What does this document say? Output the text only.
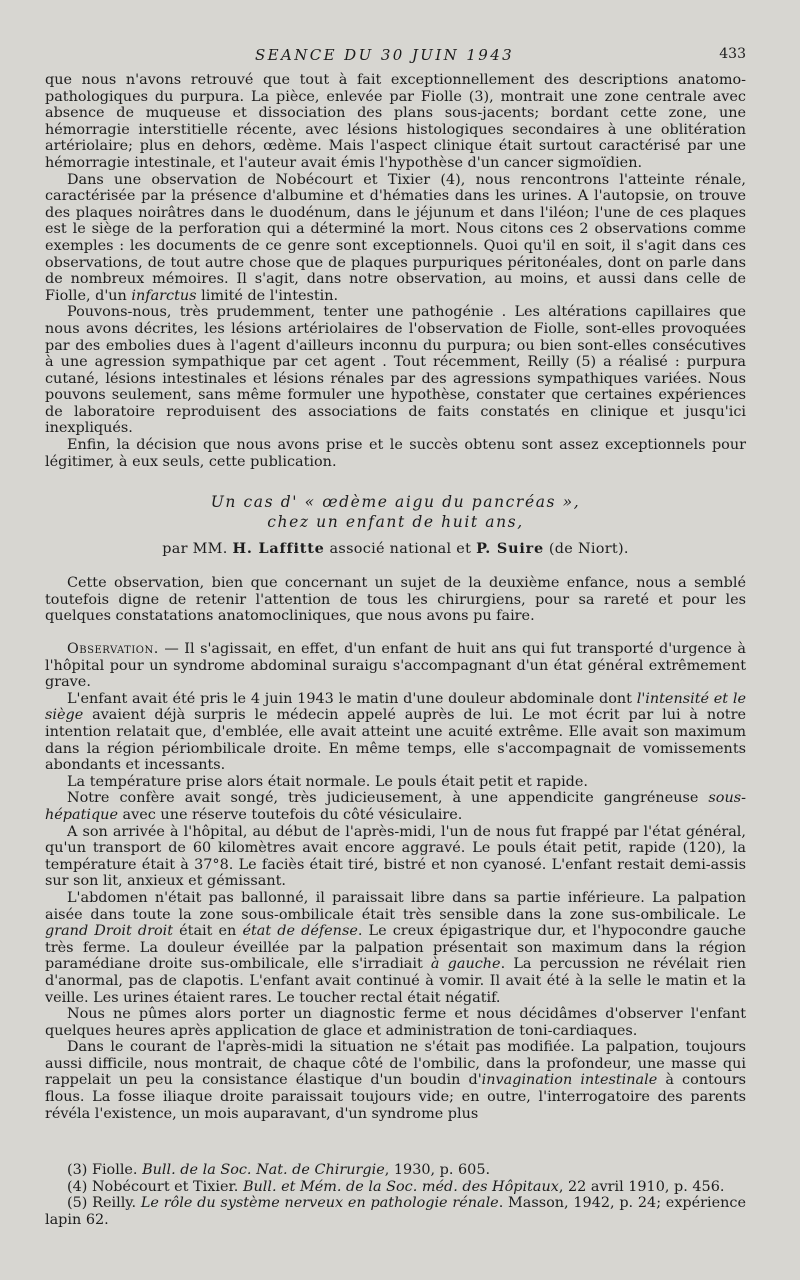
SEANCE DU 30 JUIN 1943	433

que nous n'avons retrouvé que tout à fait exceptionnellement des descriptions anatomo-pathologiques du purpura. La pièce, enlevée par Fiolle (3), montrait une zone centrale avec absence de muqueuse et dissociation des plans sous-jacents; bordant cette zone, une hémorragie interstitielle récente, avec lésions histologiques secondaires à une oblitération artériolaire; plus en dehors, œdème. Mais l'aspect clinique était surtout caractérisé par une hémorragie intestinale, et l'auteur avait émis l'hypothèse d'un cancer sigmoïdien.

Dans une observation de Nobécourt et Tixier (4), nous rencontrons l'atteinte rénale, caractérisée par la présence d'albumine et d'hématies dans les urines. A l'autopsie, on trouve des plaques noirâtres dans le duodénum, dans le jéjunum et dans l'iléon; l'une de ces plaques est le siège de la perforation qui a déterminé la mort. Nous citons ces 2 observations comme exemples : les documents de ce genre sont exceptionnels. Quoi qu'il en soit, il s'agit dans ces observations, de tout autre chose que de plaques purpuriques péritonéales, dont on parle dans de nombreux mémoires. Il s'agit, dans notre observation, au moins, et aussi dans celle de Fiolle, d'un infarctus limité de l'intestin.

Pouvons-nous, très prudemment, tenter une pathogénie . Les altérations capillaires que nous avons décrites, les lésions artériolaires de l'observation de Fiolle, sont-elles provoquées par des embolies dues à l'agent d'ailleurs inconnu du purpura; ou bien sont-elles consécutives à une agression sympathique par cet agent . Tout récemment, Reilly (5) a réalisé : purpura cutané, lésions intestinales et lésions rénales par des agressions sympathiques variées. Nous pouvons seulement, sans même formuler une hypothèse, constater que certaines expériences de laboratoire reproduisent des associations de faits constatés en clinique et jusqu'ici inexpliqués.

Enfin, la décision que nous avons prise et le succès obtenu sont assez exceptionnels pour légitimer, à eux seuls, cette publication.

Un cas d' « œdème aigu du pancréas »,
chez un enfant de huit ans,
par MM. H. Laffitte associé national et P. Suire (de Niort).

Cette observation, bien que concernant un sujet de la deuxième enfance, nous a semblé toutefois digne de retenir l'attention de tous les chirurgiens, pour sa rareté et pour les quelques constatations anatomocliniques, que nous avons pu faire.

Observation. — Il s'agissait, en effet, d'un enfant de huit ans qui fut transporté d'urgence à l'hôpital pour un syndrome abdominal suraigu s'accompagnant d'un état général extrêmement grave.

L'enfant avait été pris le 4 juin 1943 le matin d'une douleur abdominale dont l'intensité et le siège avaient déjà surpris le médecin appelé auprès de lui. Le mot écrit par lui à notre intention relatait que, d'emblée, elle avait atteint une acuité extrême. Elle avait son maximum dans la région périombilicale droite. En même temps, elle s'accompagnait de vomissements abondants et incessants.

La température prise alors était normale. Le pouls était petit et rapide.

Notre confère avait songé, très judicieusement, à une appendicite gangréneuse sous-hépatique avec une réserve toutefois du côté vésiculaire.

A son arrivée à l'hôpital, au début de l'après-midi, l'un de nous fut frappé par l'état général, qu'un transport de 60 kilomètres avait encore aggravé. Le pouls était petit, rapide (120), la température était à 37°8. Le faciès était tiré, bistré et non cyanosé. L'enfant restait demi-assis sur son lit, anxieux et gémissant.

L'abdomen n'était pas ballonné, il paraissait libre dans sa partie inférieure. La palpation aisée dans toute la zone sous-ombilicale était très sensible dans la zone sus-ombilicale. Le grand Droit droit était en état de défense. Le creux épigastrique dur, et l'hypocondre gauche très ferme. La douleur éveillée par la palpation présentait son maximum dans la région paramédiane droite sus-ombilicale, elle s'irradiait à gauche. La percussion ne révélait rien d'anormal, pas de clapotis. L'enfant avait continué à vomir. Il avait été à la selle le matin et la veille. Les urines étaient rares. Le toucher rectal était négatif.

Nous ne pûmes alors porter un diagnostic ferme et nous décidâmes d'observer l'enfant quelques heures après application de glace et administration de toni-cardiaques.

Dans le courant de l'après-midi la situation ne s'était pas modifiée. La palpation, toujours aussi difficile, nous montrait, de chaque côté de l'ombilic, dans la profondeur, une masse qui rappelait un peu la consistance élastique d'un boudin d'invagination intestinale à contours flous. La fosse iliaque droite paraissait toujours vide; en outre, l'interrogatoire des parents révéla l'existence, un mois auparavant, d'un syndrome plus

(3) Fiolle. Bull. de la Soc. Nat. de Chirurgie, 1930, p. 605.

(4) Nobécourt et Tixier. Bull. et Mém. de la Soc. méd. des Hôpitaux, 22 avril 1910, p. 456.

(5) Reilly. Le rôle du système nerveux en pathologie rénale. Masson, 1942, p. 24; expérience lapin 62.
